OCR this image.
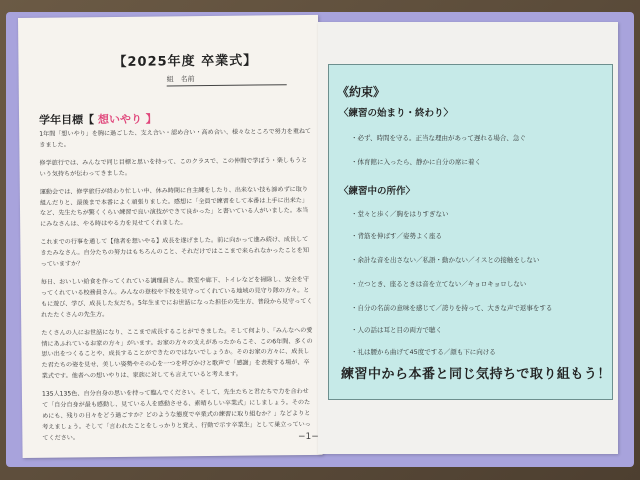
【2025年度 卒業式】
組　名前
学年目標【 想いやり 】

1年間「想いやり」を胸に過ごした、支え合い・認め合い・高め合い、様々なところで努力を重ねてきました。

修学旅行では、みんなで同じ目標と思いを持って、このクラスで、この仲間で学ぼう・楽しもうという気持ちが伝わってきました。

運動会では、修学旅行が終わり忙しい中、休み時間に自主練をしたり、出来ない技も諦めずに取り組んだりと、最後まで本番によく頑張りました。感想に「全員で練習をして本番は上手に出来た」など、先生たちが驚くくらい練習で良い演技ができて良かった」と書いている人がいました。本当にみなさんは、やる時はやる力を見せてくれました。

これまでの行事を通して【他者を想いやる】成長を遂げました。前に向かって進み続け、成長してきたみなさん。自分たちの努力はもちろんのこと、それだけではここまで来られなかったことを知っていますか？

毎日、おいしい給食を作ってくれている調理員さん。教室や廊下、トイレなどを掃除し、安全を守ってくれている校務員さん。みんなの登校や下校を見守ってくれている地域の見守り隊の方々。ともに遊び、学び、成長した友だち。5年生までにお世話になった担任の先生方、普段から見守ってくれたたくさんの先生方。

たくさんの人にお世話になり、ここまで成長することができました。そして何より、「みんなへの愛情にあふれているお家の方々」がいます。お家の方々の支えがあったからこそ、この6年間、多くの思い出をつくることや、成長することができたのではないでしょうか。そのお家の方々に、成長した君たちの姿を見せ、美しい姿勢やその心を一つを呼びかけと歌声で「感謝」を表現する場が、卒業式です。他者への想いやりは、家族に対しても言えていると考えます。

135人135色、自分自身の思いを持って臨んでください。そして、先生たちと君たちで力を合わせて「自分自身が最も感動し、見ている人を感動させる、素晴らしい卒業式」にしましょう。そのためにも、残りの日々をどう過ごすか？どのような態度で卒業式の練習に取り組むか？」などよりと考えましょう。そして「言われたことをしっかりと覚え、行動で示す卒業生」として巣立っていってください。

《約束》
〈練習の始まり・終わり〉
・必ず、時間を守る。正当な理由があって遅れる場合、急ぐ
・体育館に入ったら、静かに自分の席に着く
〈練習中の所作〉
・堂々と歩く／胸をはりすぎない
・背筋を伸ばす／姿勢よく座る
・余計な音を出さない／私語・動かない／イスとの接触をしない
・立つとき、座るときは音を立てない／キョロキョロしない
・自分の名前の意味を感じて／誇りを持って、大きな声で返事をする
・人の話は耳と目の両方で聴く
・礼は腰から曲げて45度でする／顔も下に向ける
練習中から本番と同じ気持ちで取り組もう！
−1−
